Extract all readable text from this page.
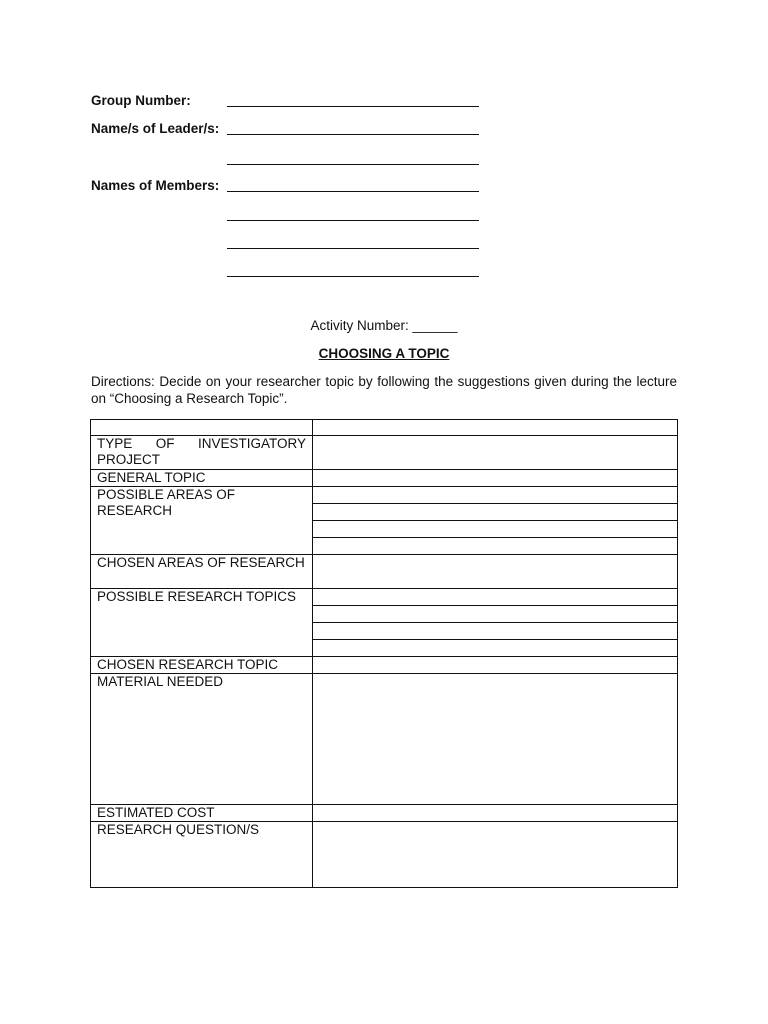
Group Number:
Name/s of Leader/s:
Names of Members:
Activity Number: ______
CHOOSING A TOPIC
Directions: Decide on your researcher topic by following the suggestions given during the lecture on “Choosing a Research Topic”.

TYPE OF INVESTIGATORY PROJECT	
GENERAL TOPIC	
POSSIBLE AREAS OF RESEARCH	

CHOSEN AREAS OF RESEARCH	
POSSIBLE RESEARCH TOPICS	

CHOSEN RESEARCH TOPIC	
MATERIAL NEEDED	
ESTIMATED COST	
RESEARCH QUESTION/S	
